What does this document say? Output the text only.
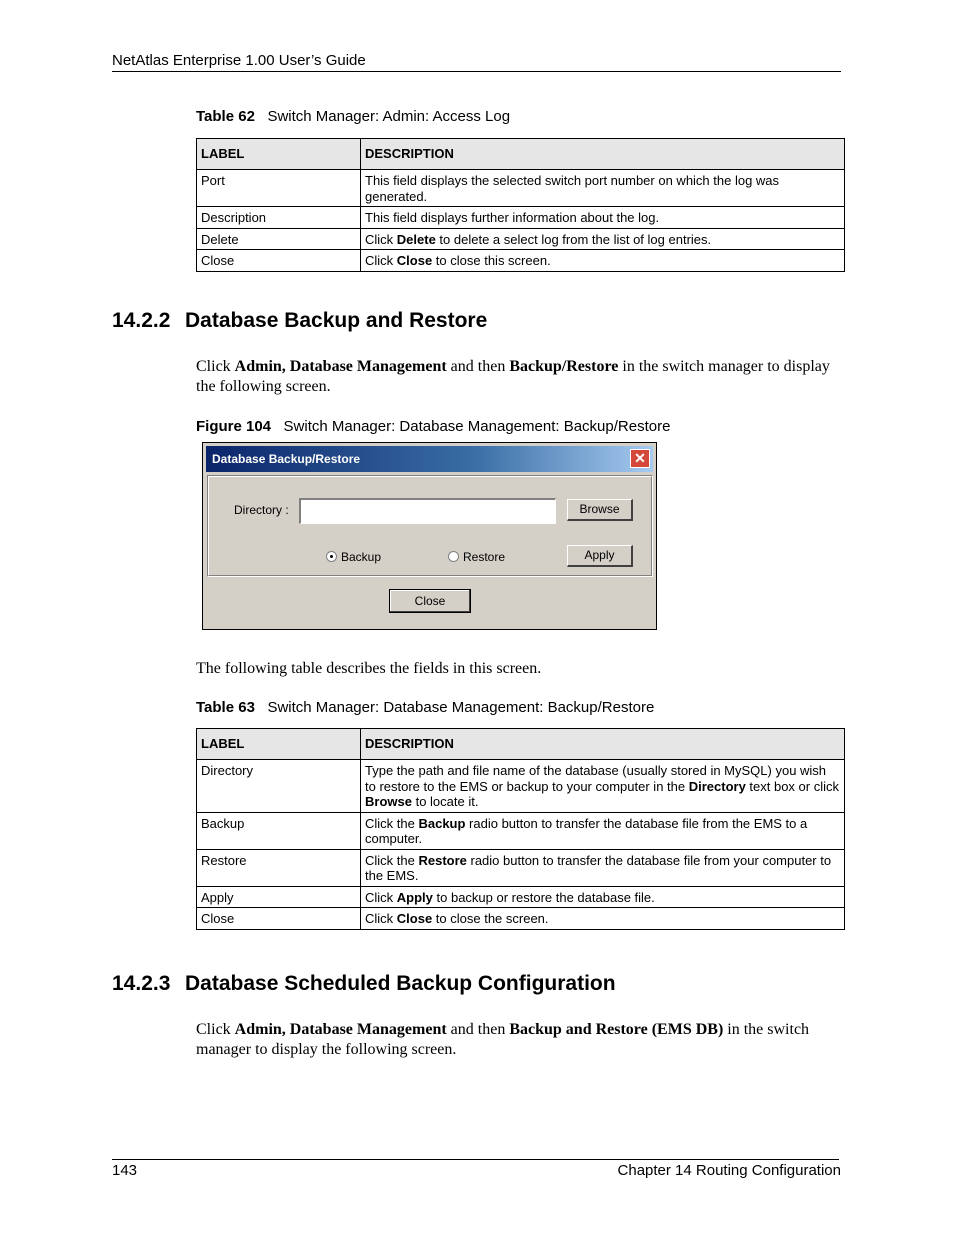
NetAtlas Enterprise 1.00 User’s Guide
Table 62 Switch Manager: Admin: Access Log
LABEL	DESCRIPTION
Port	This field displays the selected switch port number on which the log was generated.
Description	This field displays further information about the log.
Delete	Click Delete to delete a select log from the list of log entries.
Close	Click Close to close this screen.
14.2.2 Database Backup and Restore
Click Admin, Database Management and then Backup/Restore in the switch manager to display the following screen.
Figure 104 Switch Manager: Database Management: Backup/Restore
Database Backup/Restore	✕
Directory :	Browse
Backup	Restore	Apply
Close
The following table describes the fields in this screen.
Table 63 Switch Manager: Database Management: Backup/Restore
LABEL	DESCRIPTION
Directory	Type the path and file name of the database (usually stored in MySQL) you wish to restore to the EMS or backup to your computer in the Directory text box or click Browse to locate it.
Backup	Click the Backup radio button to transfer the database file from the EMS to a computer.
Restore	Click the Restore radio button to transfer the database file from your computer to the EMS.
Apply	Click Apply to backup or restore the database file.
Close	Click Close to close the screen.
14.2.3 Database Scheduled Backup Configuration
Click Admin, Database Management and then Backup and Restore (EMS DB) in the switch manager to display the following screen.
143	Chapter 14 Routing Configuration
